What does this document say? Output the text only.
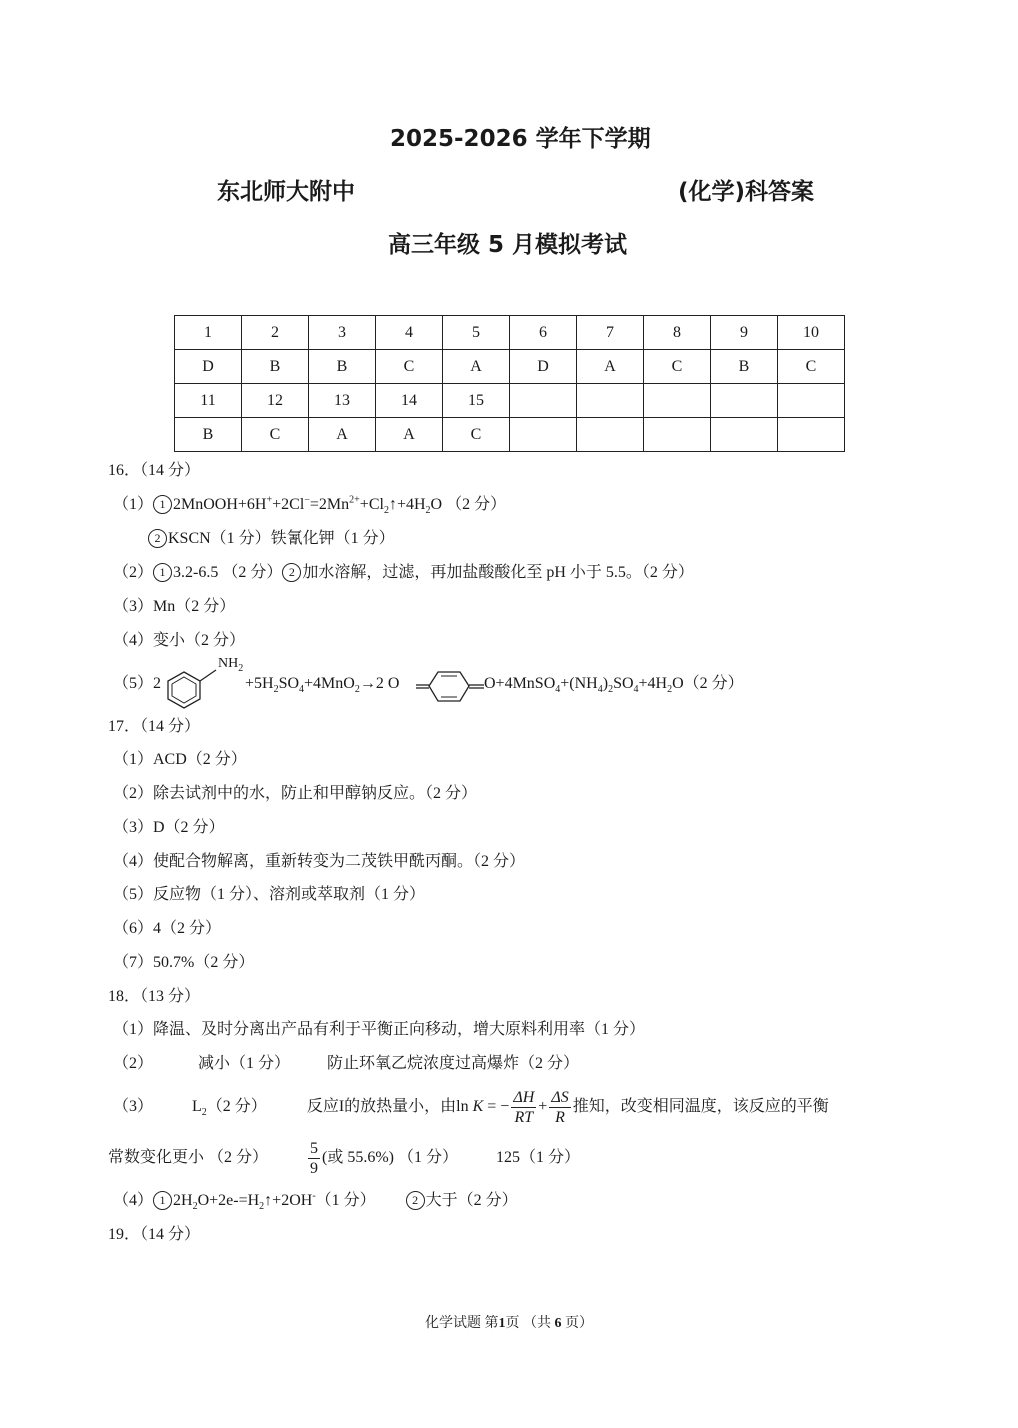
2025-2026 学年下学期
东北师大附中	(化学)科答案
高三年级 5 月模拟考试
1	2	3	4	5	6	7	8	9	10
D	B	B	C	A	D	A	C	B	C
11	12	13	14	15					
B	C	A	A	C					
16．（14 分）
（1） 1 $2MnOOH+6H^++2Cl^-=2Mn^{2+}+Cl_2↑+4H_2O$ （2 分）
2 KSCN（1 分）铁氰化钾（1 分）
（2） 1 3.2-6.5 （2 分） 2 加水溶解，过滤，再加盐酸酸化至 pH 小于 5.5。（2 分）
（3）Mn（2 分）
（4）变小（2 分）
（5）2
$NH_2$
$+5H_2SO_4+4MnO_2\to 2$ O	$O+4MnSO_4+(NH_4)_2SO_4+4H_2O(2$ 分）
17．（14 分）
（1）ACD（2 分）
（2）除去试剂中的水，防止和甲醇钠反应。（2 分）
（3）D（2 分）
（4）使配合物解离，重新转变为二茂铁甲酰丙酮。（2 分）
（5）反应物（1 分）、溶剂或萃取剂（1 分）
（6）4（2 分）
（7）50.7%（2 分）
18．（13 分）
（1）降温、及时分离出产品有利于平衡正向移动，增大原料利用率（1 分）
（2）	减小（1 分） 防止环氧乙烷浓度过高爆炸（2 分）
（3） $L_2(2$ 分）	反应I的放热量小，由ln K = − $\frac{\Delta H}{RT} + \frac{\Delta S}{R}$ 推知，改变相同温度，该反应的平衡
常数变化更小 （2 分）	$\frac{5}{9}$ (或 55.6%) （1 分） 125（1 分）
（4） 1 $2H_2O+2e-=H_2↑+2OH^-(1$ 分）	2 大于（2 分）
19．（14 分）
化学试题 第1页 （共 6 页）
